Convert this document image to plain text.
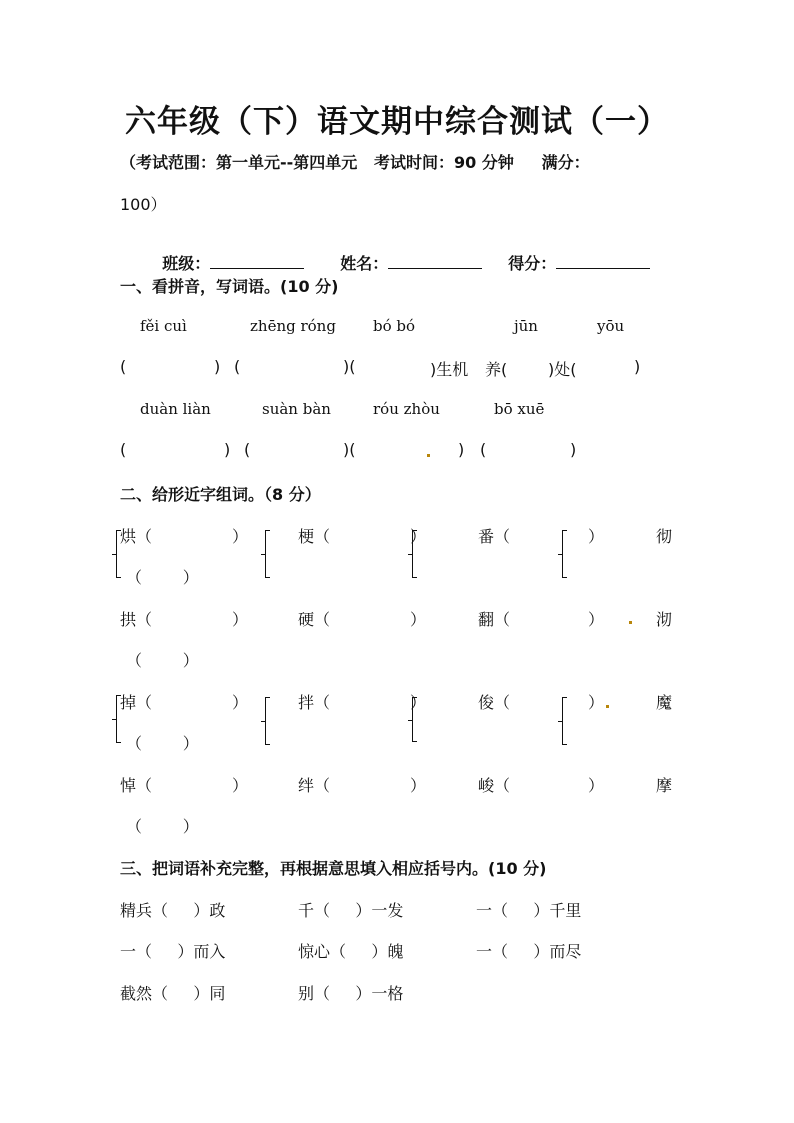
六年级（下）语文期中综合测试（一）
（考试范围：第一单元--第四单元   考试时间：90 分钟     满分：
100）

班级：
	姓名：
	得分：

一、看拼音，写词语。(10 分)
fěi cuì	zhēng róng bó bó	jūn	yōu
(	) (	)(	)生机 养(	)处(	)
duàn liàn	suàn bàn	róu zhòu	bō xuē
(	) (	)(	) (	)
二、给形近字组词。（8 分）
烘（	）	梗（	）	番（	）	彻
（        ）
拱（	）	硬（	）	翻（	）	沏
（        ）
掉（	）	拌（	）	俊（	）	魔
（        ）
悼（	）	绊（	）	峻（	）	摩
（        ）
三、把词语补充完整，再根据意思填入相应括号内。(10 分)
精兵（     ）政	千（     ）一发	一（     ）千里
一（     ）而入	惊心（     ）魄	一（     ）而尽
截然（     ）同	别（     ）一格
